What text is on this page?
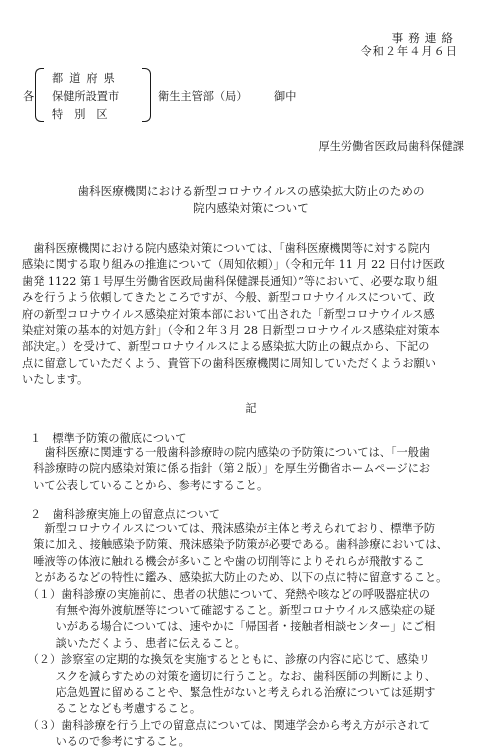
事務連絡
令和２年４月６日
各
都道府県
保健所設置市
特別区
衛生主管部（局） 御中
厚生労働省医政局歯科保健課
歯科医療機関における新型コロナウイルスの感染拡大防止のための
院内感染対策について
　歯科医療機関における院内感染対策については、「歯科医療機関等に対する院内
感染に関する取り組みの推進について（周知依頼）」（令和元年 11 月 22 日付け医政
歯発 1122 第１号厚生労働省医政局歯科保健課長通知）”等において、必要な取り組
みを行うよう依頼してきたところですが、今般、新型コロナウイルスについて、政
府の新型コロナウイルス感染症対策本部において出された「新型コロナウイルス感
染症対策の基本的対処方針」（令和２年３月 28 日新型コロナウイルス感染症対策本
部決定。）を受けて、新型コロナウイルスによる感染拡大防止の観点から、下記の
点に留意していただくよう、貴管下の歯科医療機関に周知していただくようお願い
いたします。
記
１　標準予防策の徹底について
　　歯科医療に関連する一般歯科診療時の院内感染の予防策については、「一般歯
　科診療時の院内感染対策に係る指針（第２版）」を厚生労働省ホームページにお
　いて公表していることから、参考にすること。
２　歯科診療実施上の留意点について
　　新型コロナウイルスについては、飛沫感染が主体と考えられており、標準予防
　策に加え、接触感染予防策、飛沫感染予防策が必要である。歯科診療においては、
　唾液等の体液に触れる機会が多いことや歯の切削等によりそれらが飛散するこ
　とがあるなどの特性に鑑み、感染拡大防止のため、以下の点に特に留意すること。
　（１）歯科診療の実施前に、患者の状態について、発熱や咳などの呼吸器症状の
　　　有無や海外渡航歴等について確認すること。新型コロナウイルス感染症の疑
　　　いがある場合については、速やかに「帰国者・接触者相談センター」にご相
　　　談いただくよう、患者に伝えること。
　（２）診察室の定期的な換気を実施するとともに、診療の内容に応じて、感染リ
　　　スクを減らすための対策を適切に行うこと。なお、歯科医師の判断により、
　　　応急処置に留めることや、緊急性がないと考えられる治療については延期す
　　　ることなども考慮すること。
　（３）歯科診療を行う上での留意点については、関連学会から考え方が示されて
　　　いるので参考にすること。
